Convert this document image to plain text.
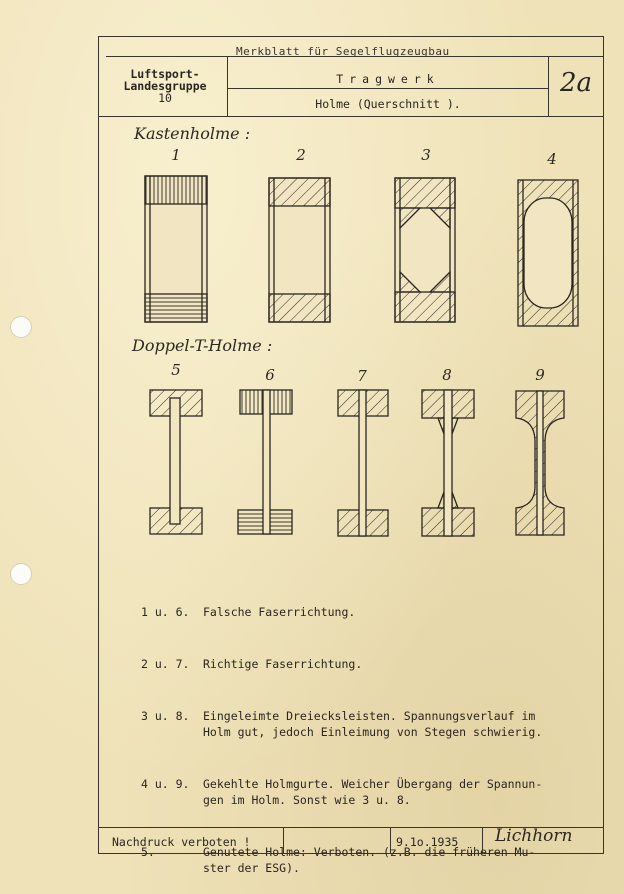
Merkblatt für Segelflugzeugbau
Luftsport-
Landesgruppe
10
Tragwerk
Holme (Querschnitt ).
2a
Kastenholme :
Doppel-T-Holme :
1	2	3	4
5	6	7	8	9

1 u. 6.	Falsche Faserrichtung.

2 u. 7.	Richtige Faserrichtung.

3 u. 8.	Eingeleimte Dreiecksleisten. Spannungsverlauf im
Holm gut, jedoch Einleimung von Stegen schwierig.

4 u. 9.	Gekehlte Holmgurte. Weicher Übergang der Spannun-
gen im Holm. Sonst wie 3 u. 8.

5.	Genutete Holme: Verboten. (z.B. die früheren Mu-
ster der ESG).

Nachdruck verboten !	9.1o.1935 Lichhorn
